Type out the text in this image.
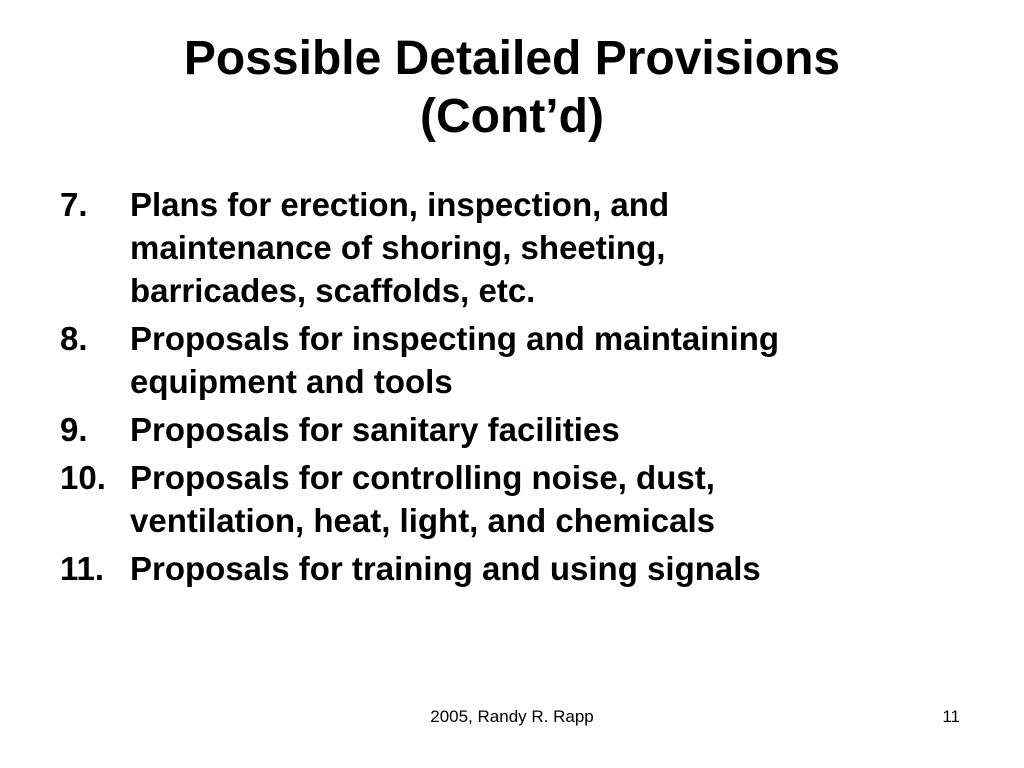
Possible Detailed Provisions
(Cont’d)
7.	Plans for erection, inspection, and
maintenance of shoring, sheeting,
barricades, scaffolds, etc.
8.	Proposals for inspecting and maintaining
equipment and tools
9.	Proposals for sanitary facilities
10. Proposals for controlling noise, dust,
ventilation, heat, light, and chemicals
11. Proposals for training and using signals
2005, Randy R. Rapp	11
